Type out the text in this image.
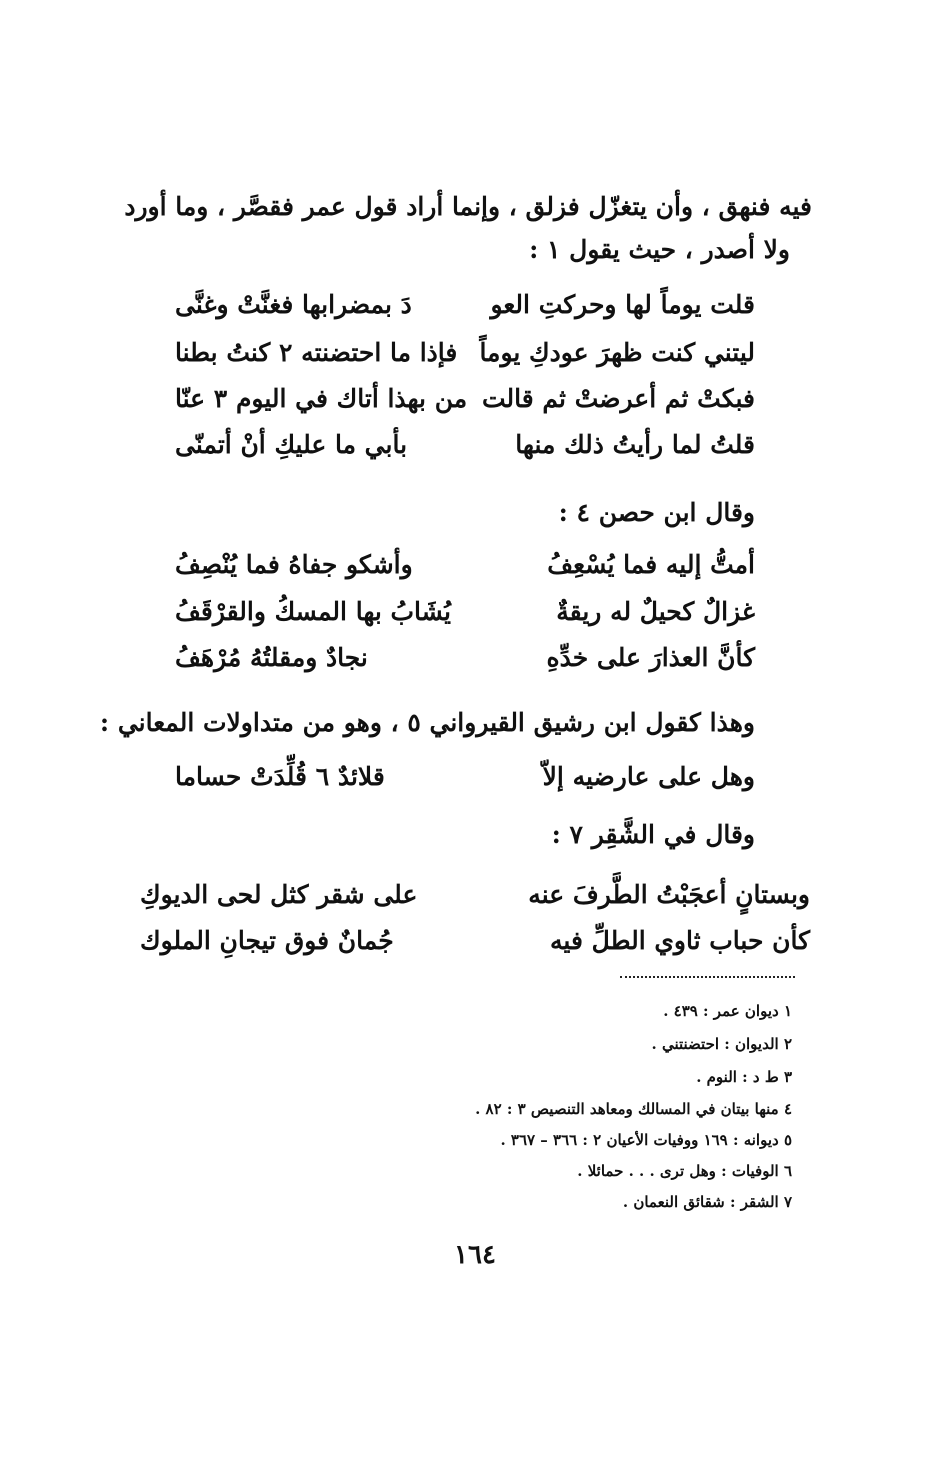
فيه فنهق ، وأن يتغزّل فزلق ، وإنما أراد قول عمر فقصَّر ، وما أورد
ولا أصدر ، حيث يقول ١ :
قلت يوماً لها وحركتِ العو
دَ بمضرابها فغنَّتْ وغنَّى
ليتني كنت ظهرَ عودكِ يوماً
فإذا ما احتضنته ٢ كنتُ بطنا
فبكتْ ثم أعرضتْ ثم قالت
من بهذا أتاك في اليوم ٣ عنّا
قلتُ لما رأيتُ ذلك منها
بأبي ما عليكِ أنْ أتمنّى
وقال ابن حصن ٤ :
أمتُّ إليه فما يُسْعِفُ
وأشكو جفاهُ فما يُنْصِفُ
غزالٌ كحيلٌ له ريقةٌ
يُشَابُ بها المسكُ والقرْقَفُ
كأنَّ العذارَ على خدِّهِ
نجادٌ ومقلتُهُ مُرْهَفُ
وهذا كقول ابن رشيق القيرواني ٥ ، وهو من متداولات المعاني :
وهل على عارضيه إلاّ
قلائدٌ ٦ قُلِّدَتْ حساما
وقال في الشَّقِر ٧ :
وبستانٍ أعجَبْتُ الطَّرفَ عنه
على شقر كثل لحى الديوكِ
كأن حباب ثاوي الطلِّ فيه
جُمانٌ فوق تيجانِ الملوك
١ ديوان عمر : ٤٣٩ .
٢ الديوان : احتضنتني .
٣ ط د : النوم .
٤ منها بيتان في المسالك ومعاهد التنصيص ٣ : ٨٢ .
٥ ديوانه : ١٦٩ ووفيات الأعيان ٢ : ٣٦٦ – ٣٦٧ .
٦ الوفيات : وهل ترى . . . حمائلا .
٧ الشقر : شقائق النعمان .
١٦٤
